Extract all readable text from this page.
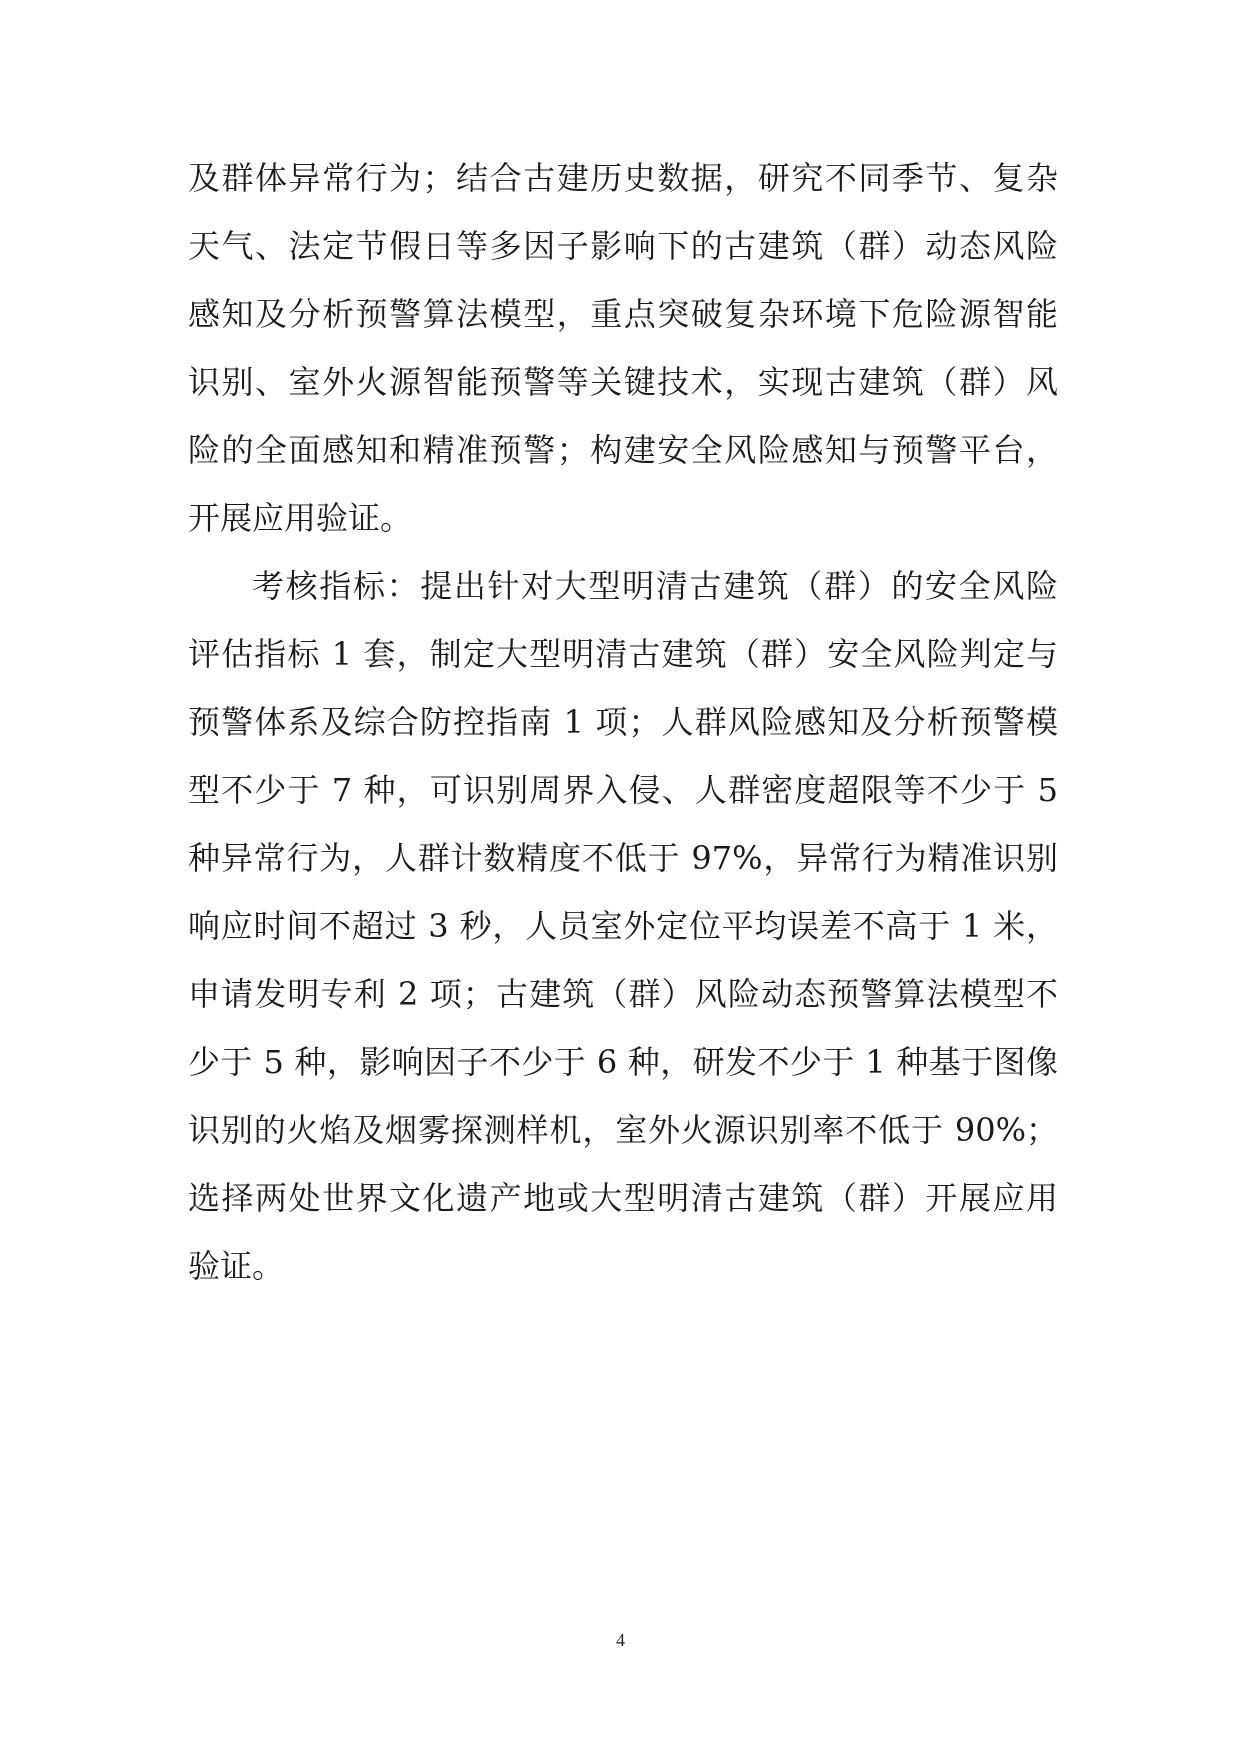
及群体异常行为；结合古建历史数据，研究不同季节、复杂
天气、法定节假日等多因子影响下的古建筑（群）动态风险
感知及分析预警算法模型，重点突破复杂环境下危险源智能
识别、室外火源智能预警等关键技术，实现古建筑（群）风
险的全面感知和精准预警；构建安全风险感知与预警平台，
开展应用验证。
考核指标：提出针对大型明清古建筑（群）的安全风险
评估指标 1 套，制定大型明清古建筑（群）安全风险判定与
预警体系及综合防控指南 1 项；人群风险感知及分析预警模
型不少于 7 种，可识别周界入侵、人群密度超限等不少于 5
种异常行为，人群计数精度不低于 97%，异常行为精准识别
响应时间不超过 3 秒，人员室外定位平均误差不高于 1 米，
申请发明专利 2 项；古建筑（群）风险动态预警算法模型不
少于 5 种，影响因子不少于 6 种，研发不少于 1 种基于图像
识别的火焰及烟雾探测样机，室外火源识别率不低于 90%；
选择两处世界文化遗产地或大型明清古建筑（群）开展应用
验证。
4
